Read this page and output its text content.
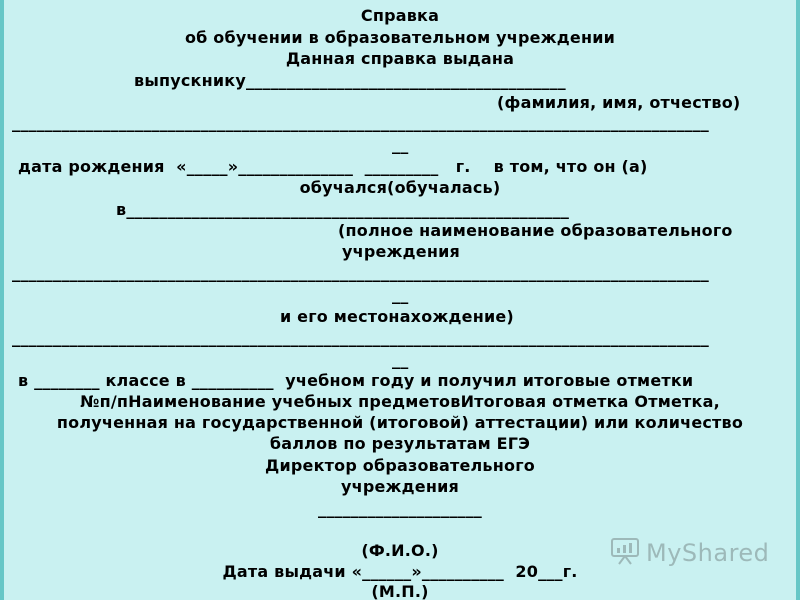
Справка
об обучении в образовательном учреждении
Данная справка выдана
выпускнику_______________________________________
(фамилия, имя, отчество)
_____________________________________________________________________________________
__
дата рождения  «_____»______________  _________   г.    в том, что он (а)
обучался(обучалась)
в______________________________________________________
(полное наименование образовательного
учреждения
_____________________________________________________________________________________
__
и его местонахождение)
_____________________________________________________________________________________
__
в ________ классе в __________  учебном году и получил итоговые отметки
№п/пНаименование учебных предметовИтоговая отметка Отметка,
полученная на государственной (итоговой) аттестации) или количество
баллов по результатам ЕГЭ
Директор образовательного
учреждения
____________________
(Ф.И.О.)
Дата выдачи «______»__________  20___г.
(М.П.)
MyShared
